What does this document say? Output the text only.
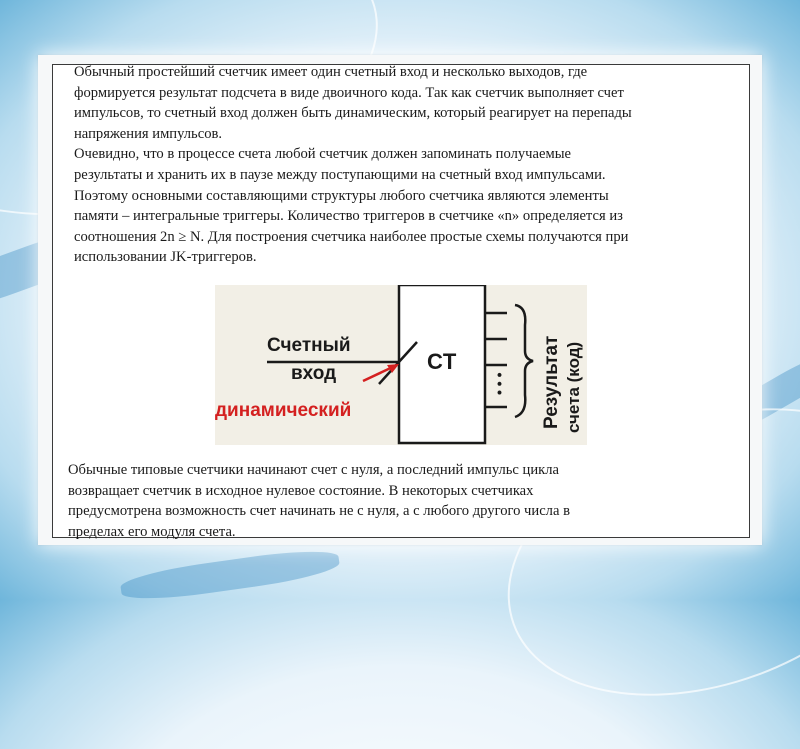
Обычный простейший счетчик имеет один счетный вход и несколько выходов, где
формируется результат подсчета в виде двоичного кода. Так как счетчик выполняет счет
импульсов, то счетный вход должен быть динамическим, который реагирует на перепады
напряжения импульсов.
Очевидно, что в процессе счета любой счетчик должен запоминать получаемые
результаты и хранить их в паузе между поступающими на счетный вход импульсами.
Поэтому основными составляющими структуры любого счетчика являются элементы
памяти – интегральные триггеры. Количество триггеров в счетчике «n» определяется из
соотношения 2n ≥ N. Для построения счетчика наиболее простые схемы получаются при
использовании JK-триггеров.

CT
Счетный
вход
динамический
• • • Результат счета (код)

Обычные типовые счетчики начинают счет с нуля, а последний импульс цикла
возвращает счетчик в исходное нулевое состояние. В некоторых счетчиках
предусмотрена возможность счет начинать не с нуля, а с любого другого числа в
пределах его модуля счета.
